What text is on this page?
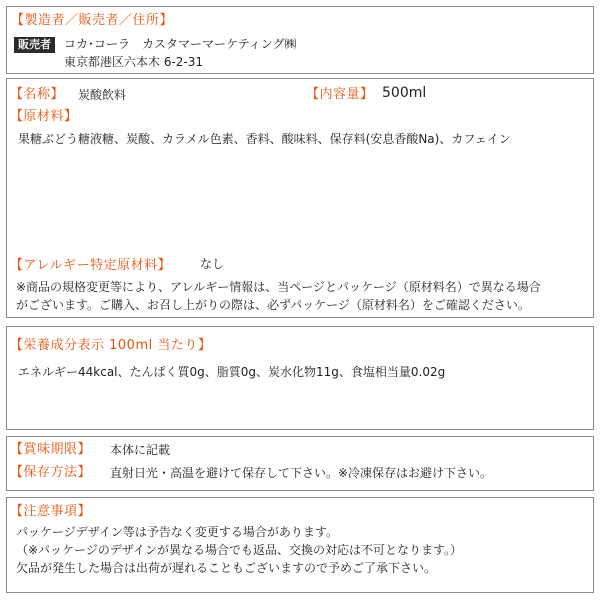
【製造者／販売者／住所】
販売者	コカ･コーラ　カスタマーマーケティング㈱
東京都港区六本木 6-2-31
【名称】 炭酸飲料	【内容量】 500ml
【原材料】
果糖ぶどう糖液糖、炭酸、カラメル色素、香料、酸味料、保存料(安息香酸Na)、カフェイン
【アレルギー特定原材料】 なし
※商品の規格変更等により、アレルギー情報は、当ページとパッケージ（原材料名）で異なる場合
がございます。ご購入、お召し上がりの際は、必ずパッケージ（原材料名）をご確認ください。
【栄養成分表示 100ml 当たり】
エネルギー44kcal、たんぱく質0g、脂質0g、炭水化物11g、食塩相当量0.02g
【賞味期限】 本体に記載
【保存方法】 直射日光・高温を避けて保存して下さい。※冷凍保存はお避け下さい。
【注意事項】
パッケージデザイン等は予告なく変更する場合があります。
（※パッケージのデザインが異なる場合でも返品、交換の対応は不可となります。）
欠品が発生した場合は出荷が遅れることもございますので予めご了承下さい。
